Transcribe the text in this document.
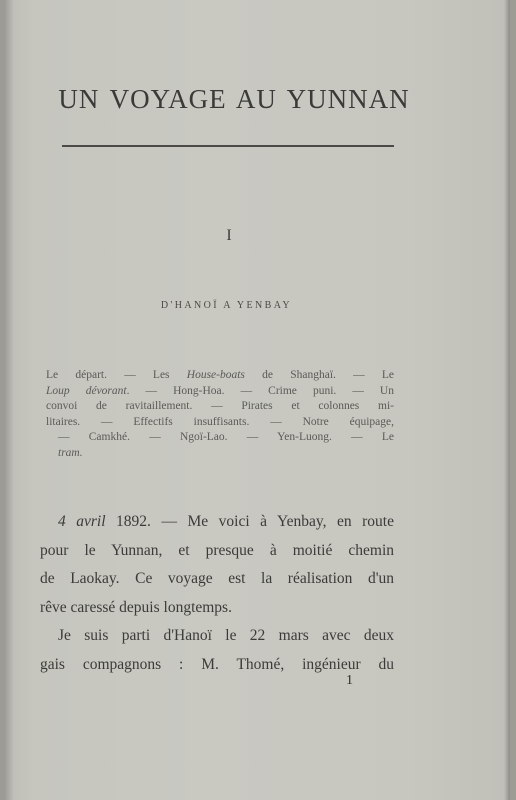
UN VOYAGE AU YUNNAN
I
D'HANOÏ A YENBAY
Le départ. — Les House-boats de Shanghaï. — Le
Loup dévorant. — Hong-Hoa. — Crime puni. — Un
convoi de ravitaillement. — Pirates et colonnes mi-
litaires. — Effectifs insuffisants. — Notre équipage,
— Camkhé. — Ngoï-Lao. — Yen-Luong. — Le
tram.
4 avril 1892. — Me voici à Yenbay, en route
pour le Yunnan, et presque à moitié chemin
de Laokay. Ce voyage est la réalisation d'un
rêve caressé depuis longtemps.
Je suis parti d'Hanoï le 22 mars avec deux
gais compagnons : M. Thomé, ingénieur du
1
